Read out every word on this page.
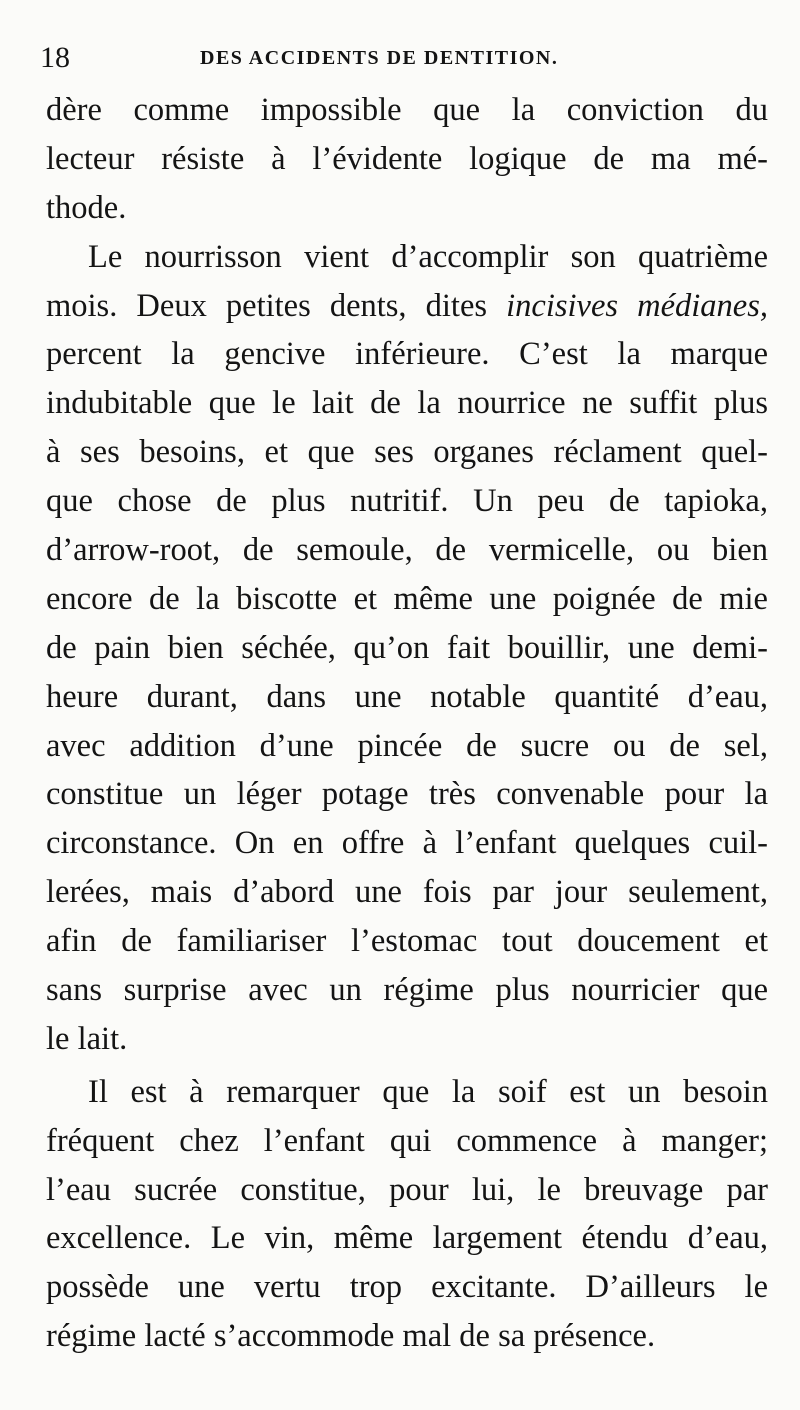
18	DES ACCIDENTS DE DENTITION.
dère comme impossible que la conviction du
lecteur résiste à l’évidente logique de ma mé-
thode.
Le nourrisson vient d’accomplir son quatrième
mois. Deux petites dents, dites incisives médianes,
percent la gencive inférieure. C’est la marque
indubitable que le lait de la nourrice ne suffit plus
à ses besoins, et que ses organes réclament quel-
que chose de plus nutritif. Un peu de tapioka,
d’arrow-root, de semoule, de vermicelle, ou bien
encore de la biscotte et même une poignée de mie
de pain bien séchée, qu’on fait bouillir, une demi-
heure durant, dans une notable quantité d’eau,
avec addition d’une pincée de sucre ou de sel,
constitue un léger potage très convenable pour la
circonstance. On en offre à l’enfant quelques cuil-
lerées, mais d’abord une fois par jour seulement,
afin de familiariser l’estomac tout doucement et
sans surprise avec un régime plus nourricier que
le lait.
Il est à remarquer que la soif est un besoin
fréquent chez l’enfant qui commence à manger;
l’eau sucrée constitue, pour lui, le breuvage par
excellence. Le vin, même largement étendu d’eau,
possède une vertu trop excitante. D’ailleurs le
régime lacté s’accommode mal de sa présence.
